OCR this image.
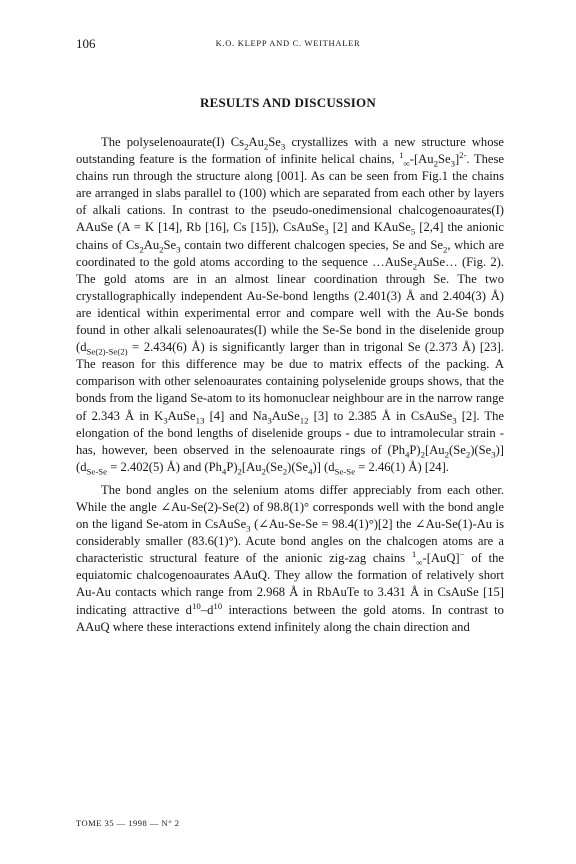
106	K.O. KLEPP AND C. WEITHALER
RESULTS AND DISCUSSION

The polyselenoaurate(I) $Cs_2Au_2Se_3$ crystallizes with a new structure whose outstanding feature is the formation of infinite helical chains, $^1_\infty-[Au_2Se_3]^{2-}$. These chains run through the structure along [001]. As can be seen from Fig.1 the chains are arranged in slabs parallel to (100) which are separated from each other by layers of alkali cations. In contrast to the pseudo-onedimensional chalcogenoaurates(I) AAuSe (A = K [14], Rb [16], Cs [15]), CsAuSe$_3$ [2] and KAuSe$_5$ [2,4] the anionic chains of $Cs_2Au_2Se_3$ contain two different chalcogen species, Se and $Se_2$, which are coordinated to the gold atoms according to the sequence …AuSe$_2$AuSe… (Fig. 2). The gold atoms are in an almost linear coordination through Se. The two crystallographically independent Au-Se-bond lengths (2.401(3) Å and 2.404(3) Å) are identical within experimental error and compare well with the Au-Se bonds found in other alkali selenoaurates(I) while the Se-Se bond in the diselenide group ($d_{Se(2)-Se(2)} = 2.434(6)$ Å) is significantly larger than in trigonal Se (2.373 Å) [23]. The reason for this difference may be due to matrix effects of the packing. A comparison with other selenoaurates containing polyselenide groups shows, that the bonds from the ligand Se-atom to its homonuclear neighbour are in the narrow range of 2.343 Å in $K_3AuSe_{13}$ [4] and $Na_3AuSe_{12}$ [3] to 2.385 Å in CsAuSe$_3$ [2]. The elongation of the bond lengths of diselenide groups - due to intramolecular strain - has, however, been observed in the selenoaurate rings of $(Ph_4P)_2[Au_2(Se_2)(Se_3)] (d_{Se-Se} = 2.402(5)$ Å) and $(Ph_4P)_2[Au_2(Se_2)(Se_4)] (d_{Se-Se} = 2.46(1)$ Å) [24].

The bond angles on the selenium atoms differ appreciably from each other. While the angle ∠Au-Se(2)-Se(2) of 98.8(1)° corresponds well with the bond angle on the ligand Se-atom in CsAuSe$_3$ (∠Au-Se-Se = 98.4(1)°)[2] the ∠Au-Se(1)-Au is considerably smaller (83.6(1)°). Acute bond angles on the chalcogen atoms are a characteristic structural feature of the anionic zig-zag chains $^1_\infty$-[AuQ]− of the equiatomic chalcogenoaurates AAuQ. They allow the formation of relatively short Au-Au contacts which range from 2.968 Å in RbAuTe to 3.431 Å in CsAuSe [15] indicating attractive $d^{10}-d^{10}$ interactions between the gold atoms. In contrast to AAuQ where these interactions extend infinitely along the chain direction and

TOME 35 — 1998 — N° 2
